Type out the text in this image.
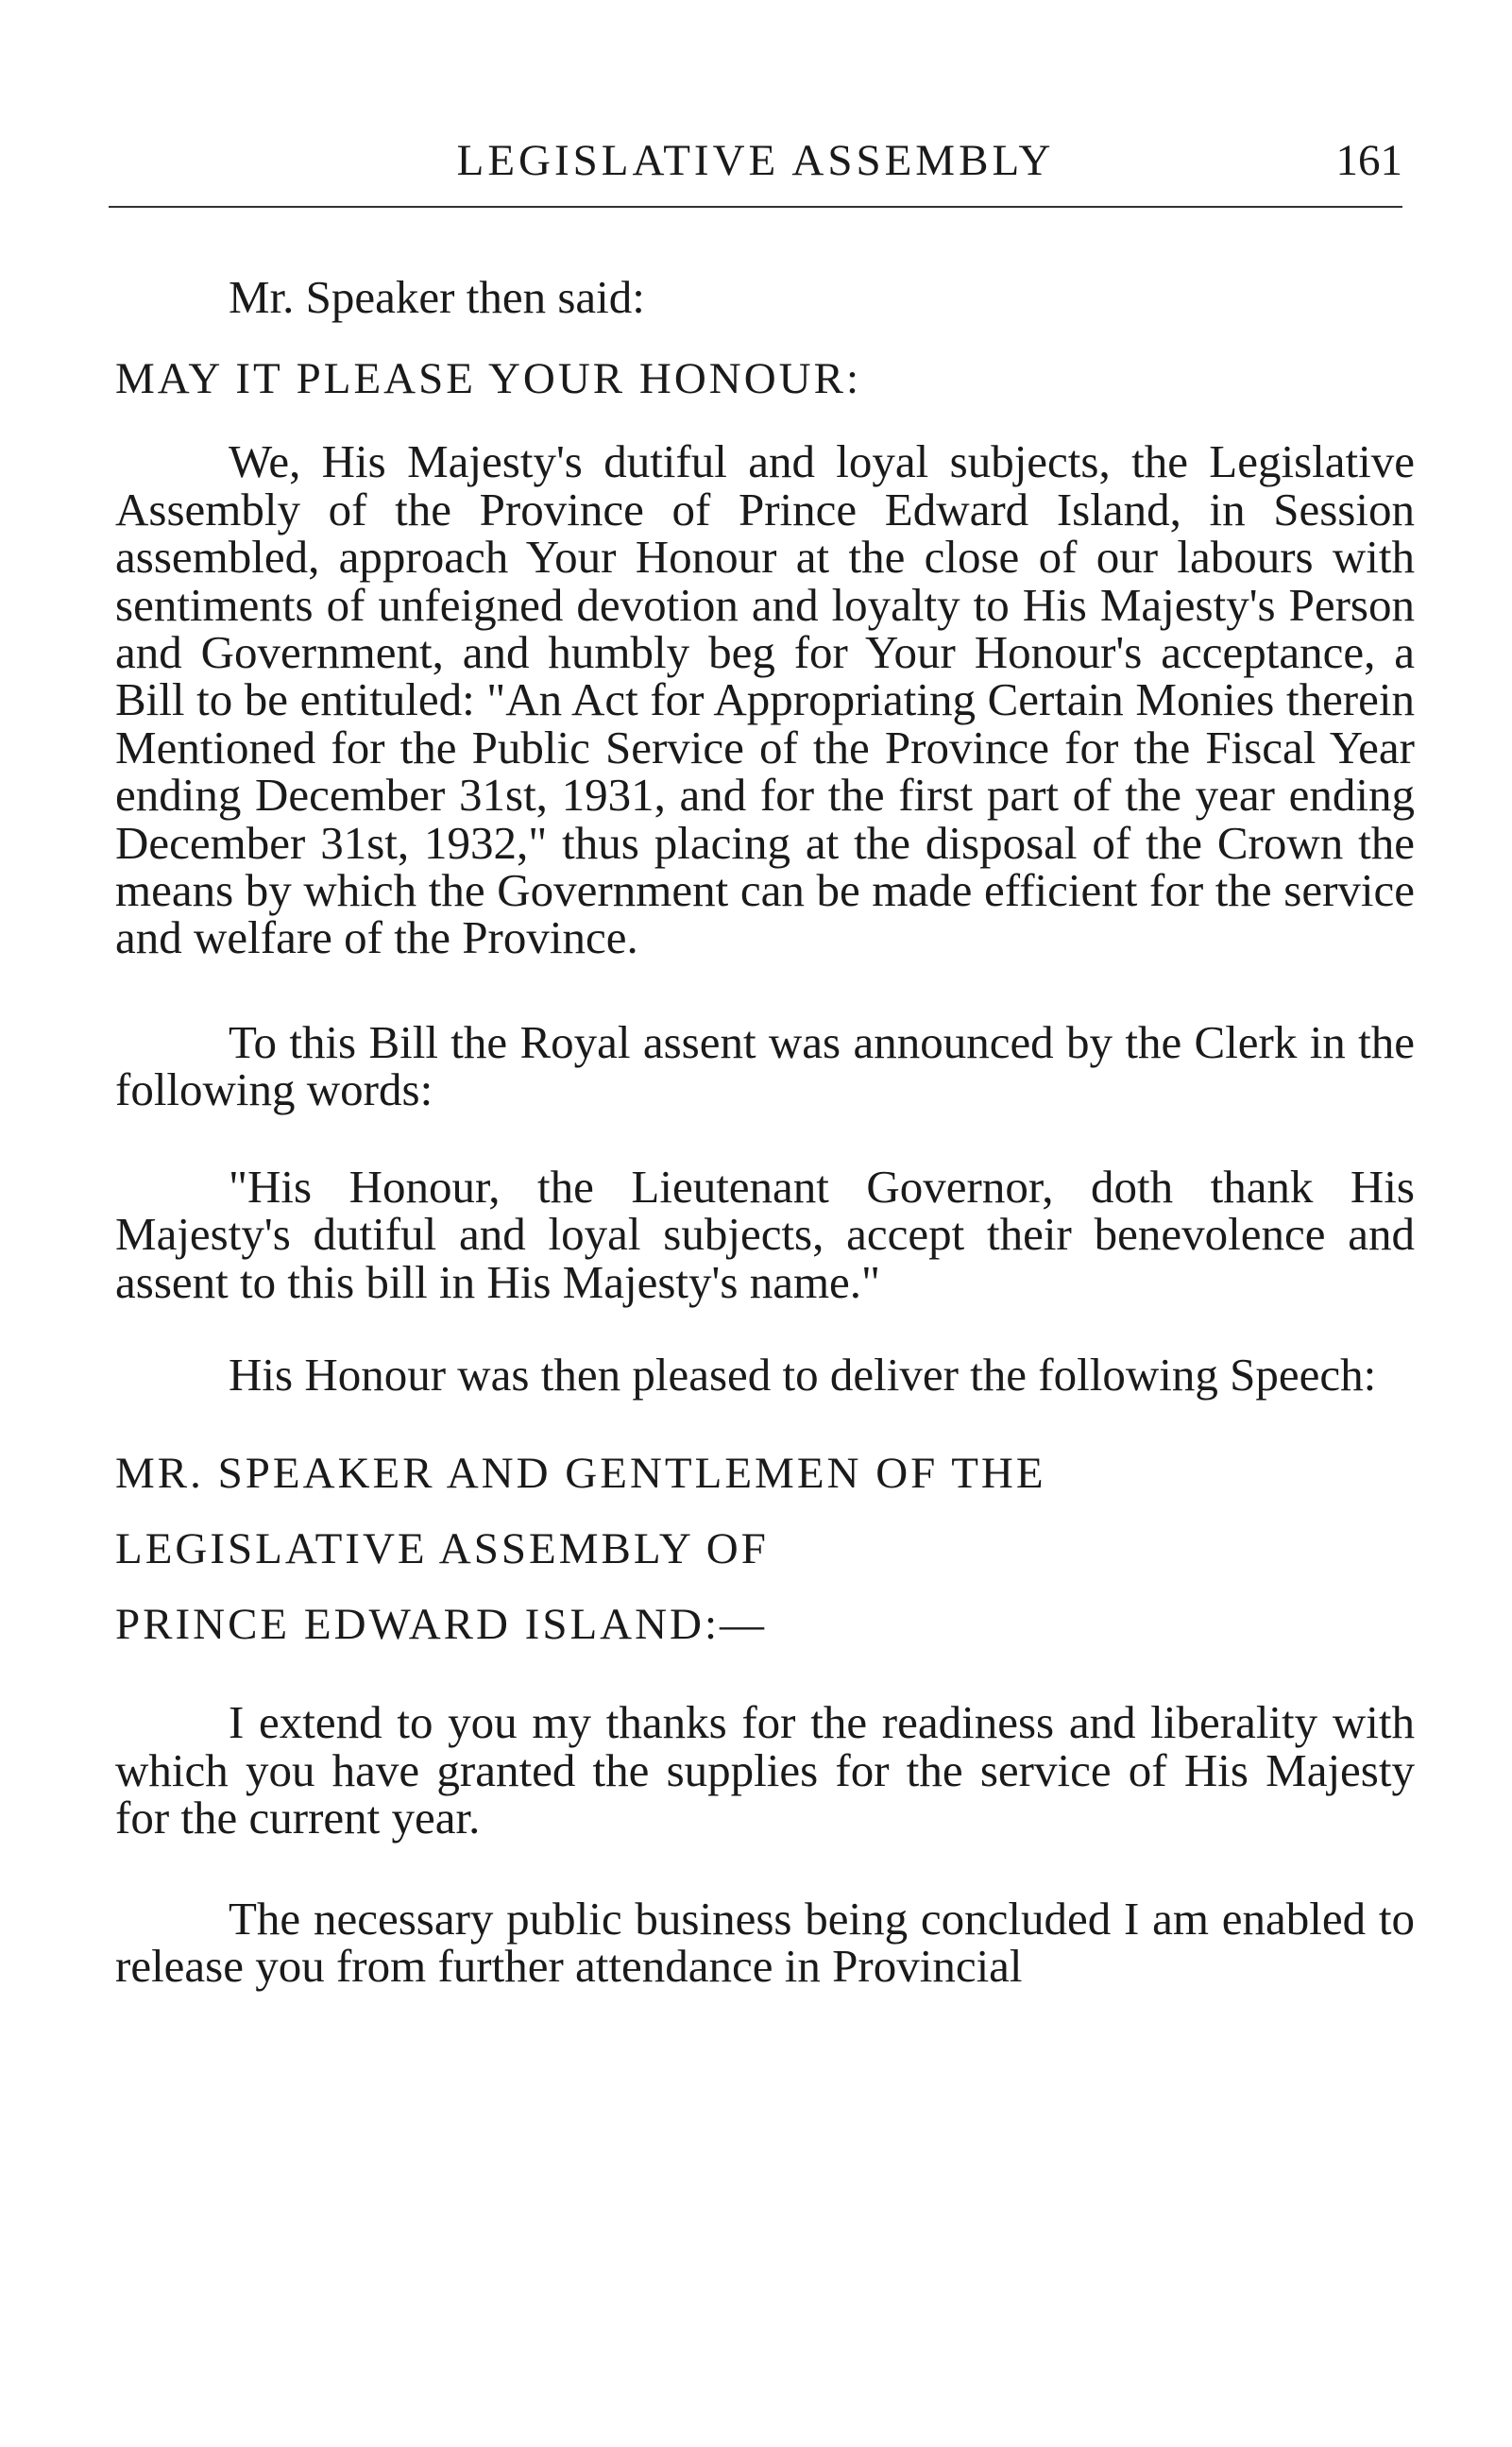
LEGISLATIVE ASSEMBLY	161

Mr. Speaker then said:

MAY IT PLEASE YOUR HONOUR:

We, His Majesty's dutiful and loyal subjects, the Legislative Assembly of the Province of Prince Edward Island, in Session assembled, approach Your Honour at the close of our labours with sentiments of unfeigned devotion and loyalty to His Majesty's Person and Government, and humbly beg for Your Honour's acceptance, a Bill to be entituled: "An Act for Appropriating Certain Monies therein Mentioned for the Public Service of the Province for the Fiscal Year ending December 31st, 1931, and for the first part of the year ending December 31st, 1932," thus placing at the disposal of the Crown the means by which the Government can be made efficient for the service and welfare of the Province.

To this Bill the Royal assent was announced by the Clerk in the following words:

"His Honour, the Lieutenant Governor, doth thank His Majesty's dutiful and loyal subjects, accept their benevolence and assent to this bill in His Majesty's name."

His Honour was then pleased to deliver the following Speech:

MR. SPEAKER AND GENTLEMEN OF THE

LEGISLATIVE ASSEMBLY OF

PRINCE EDWARD ISLAND:—

I extend to you my thanks for the readiness and liberality with which you have granted the supplies for the service of His Majesty for the current year.

The necessary public business being concluded I am enabled to release you from further attendance in Provincial
